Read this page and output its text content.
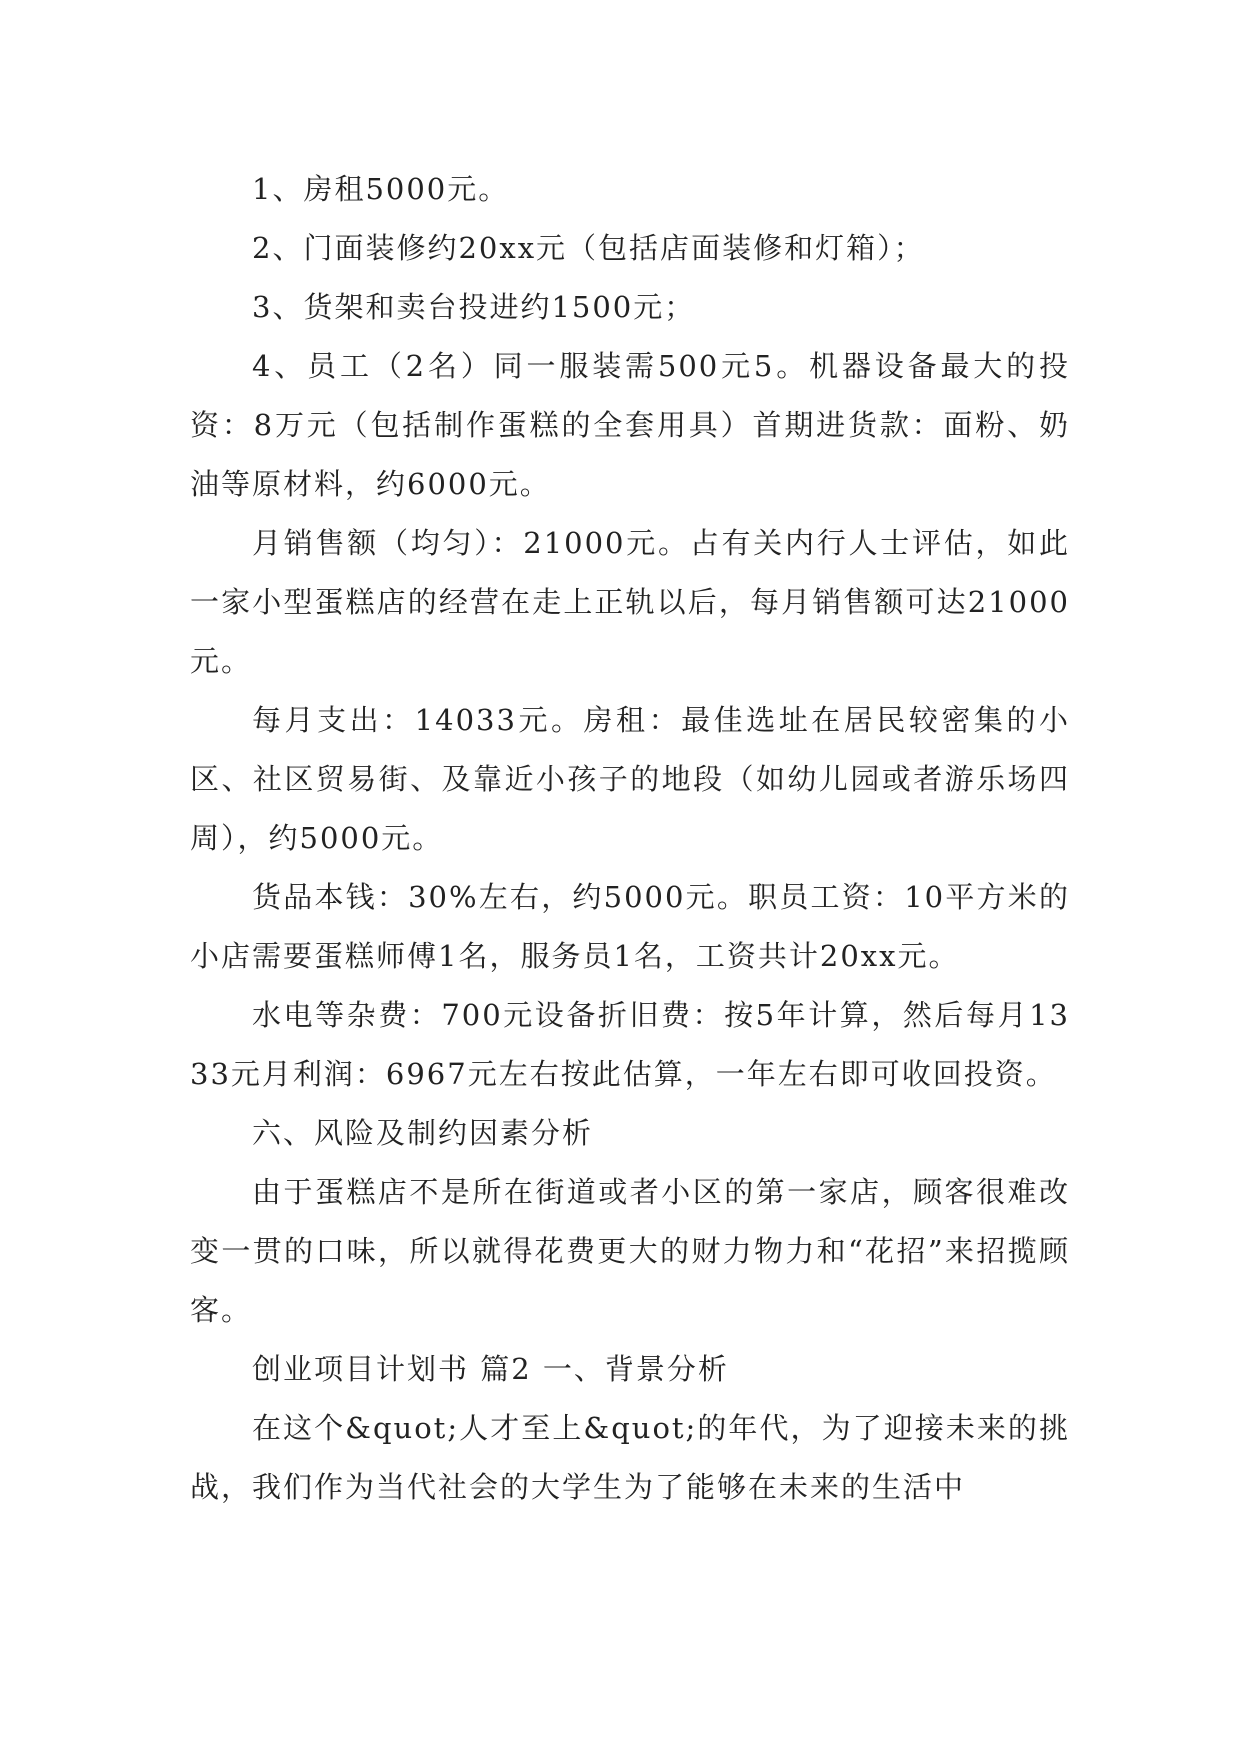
1、房租5000元。

2、门面装修约20xx元（包括店面装修和灯箱）；

3、货架和卖台投进约1500元；

4、员工（2名）同一服装需500元5。机器设备最大的投资：8万元（包括制作蛋糕的全套用具）首期进货款：面粉、奶油等原材料，约6000元。

月销售额（均匀）：21000元。占有关内行人士评估，如此一家小型蛋糕店的经营在走上正轨以后，每月销售额可达21000元。

每月支出：14033元。房租：最佳选址在居民较密集的小区、社区贸易街、及靠近小孩子的地段（如幼儿园或者游乐场四周），约5000元。

货品本钱：30%左右，约5000元。职员工资：10平方米的小店需要蛋糕师傅1名，服务员1名，工资共计20xx元。

水电等杂费：700元设备折旧费：按5年计算，然后每月1333元月利润：6967元左右按此估算，一年左右即可收回投资。

六、风险及制约因素分析

由于蛋糕店不是所在街道或者小区的第一家店，顾客很难改变一贯的口味，所以就得花费更大的财力物力和“花招”来招揽顾客。

创业项目计划书 篇2 一、背景分析

在这个&quot;人才至上&quot;的年代，为了迎接未来的挑战，我们作为当代社会的大学生为了能够在未来的生活中
